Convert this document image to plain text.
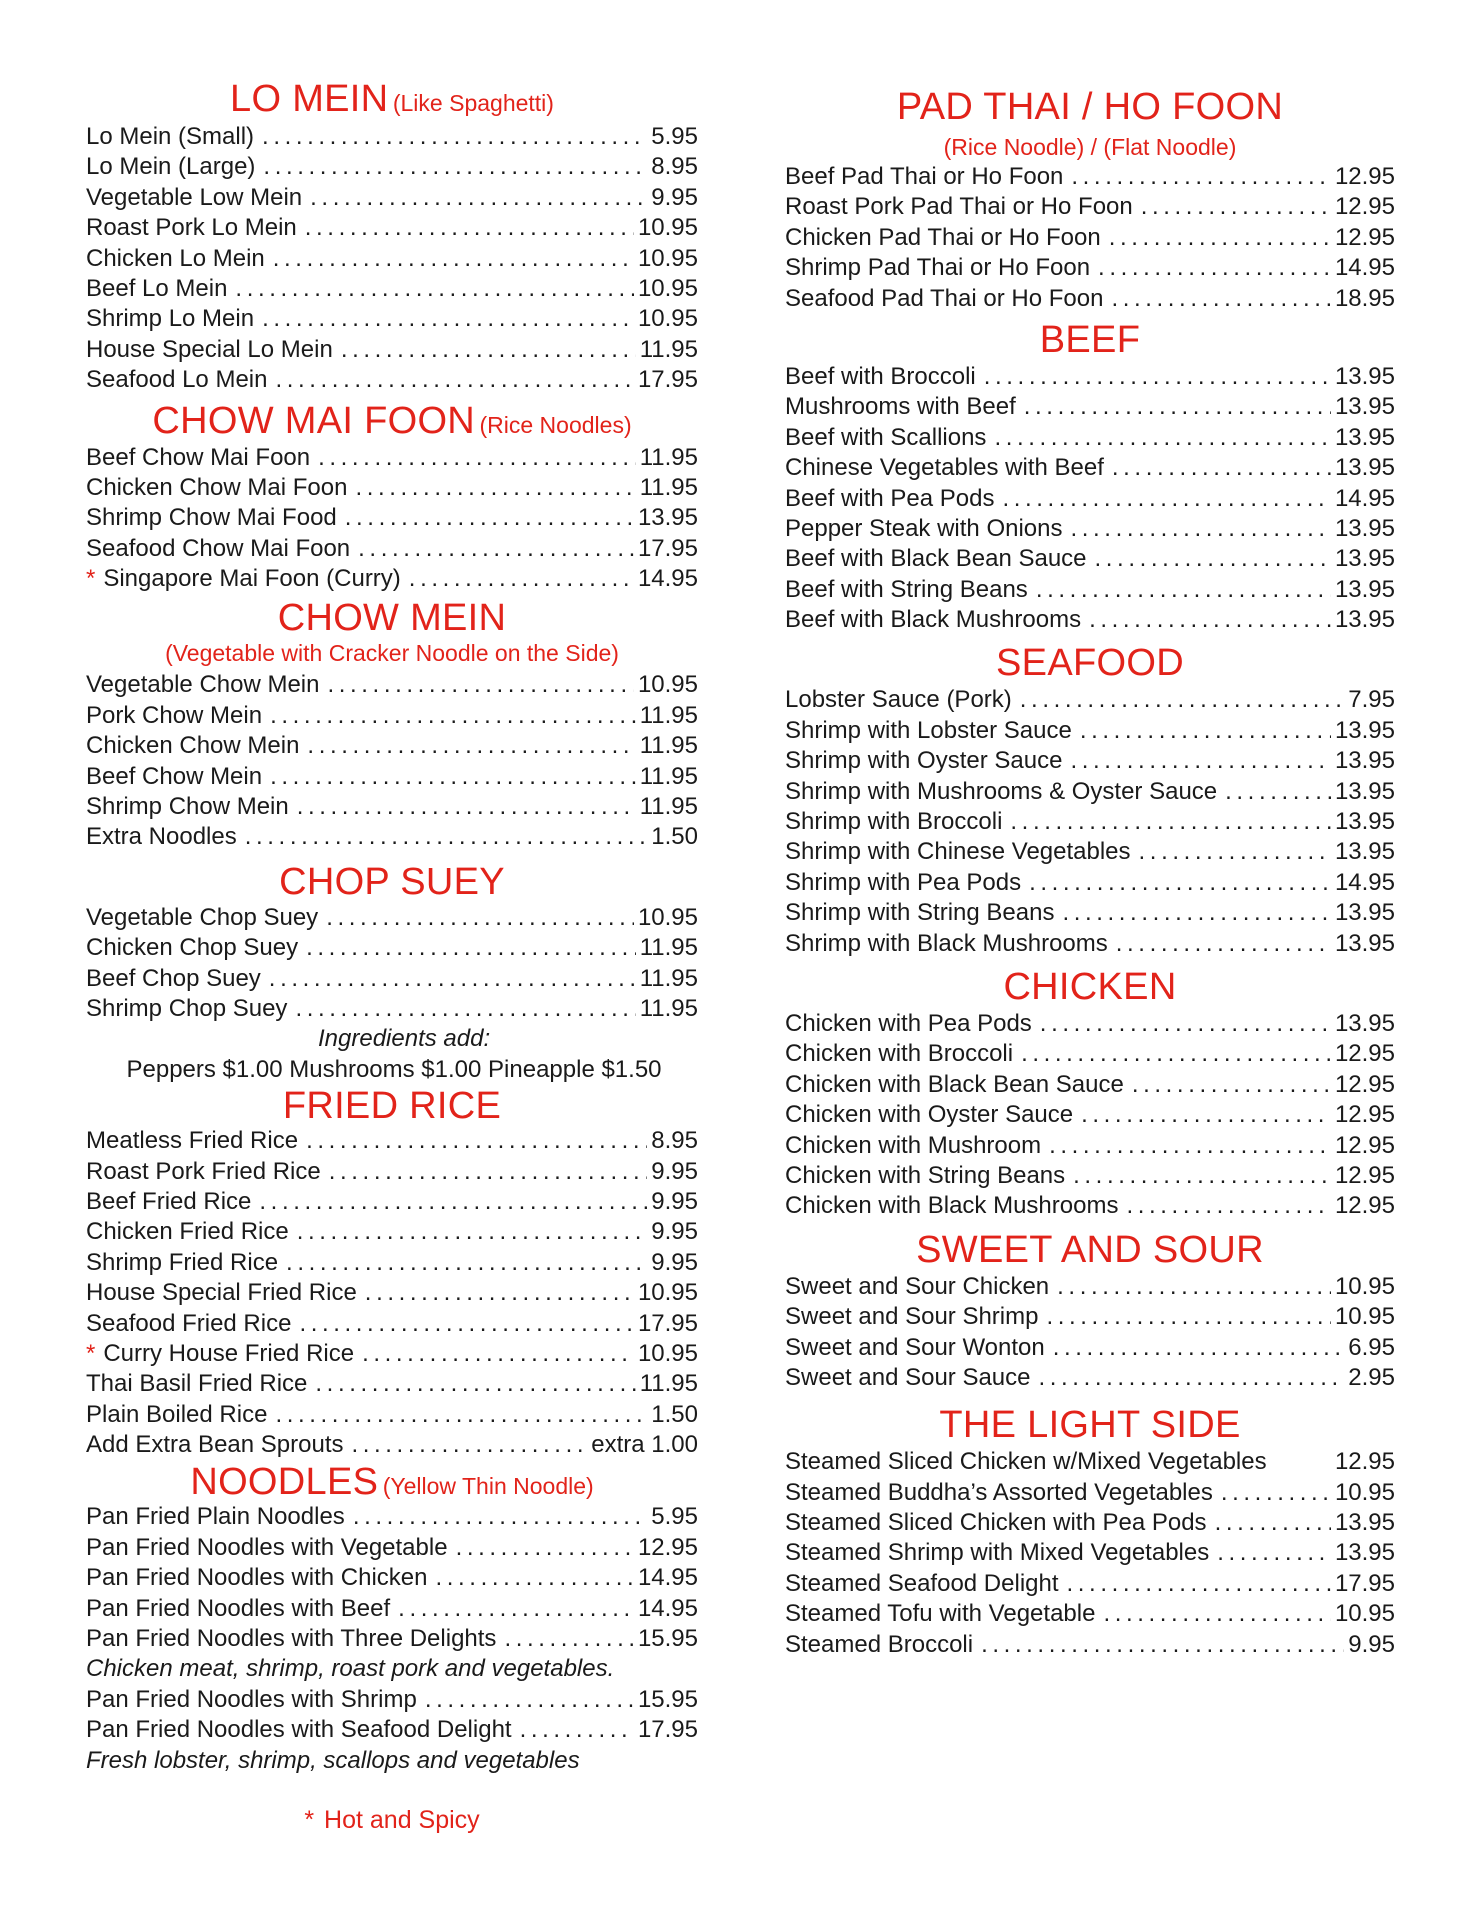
LO MEIN (Like Spaghetti)
Lo Mein (Small) .....	5.95
Lo Mein (Large) .....	8.95
Vegetable Low Mein .....	9.95
Roast Pork Lo Mein .....	10.95
Chicken Lo Mein .....	10.95
Beef Lo Mein .....	10.95
Shrimp Lo Mein .....	10.95
House Special Lo Mein .....	11.95
Seafood Lo Mein .....	17.95
CHOW MAI FOON (Rice Noodles)
Beef Chow Mai Foon .....	11.95
Chicken Chow Mai Foon .....	11.95
Shrimp Chow Mai Food .....	13.95
Seafood Chow Mai Foon .....	17.95
* Singapore Mai Foon (Curry) .....	14.95
CHOW MEIN
(Vegetable with Cracker Noodle on the Side)
Vegetable Chow Mein .....	10.95
Pork Chow Mein .....	11.95
Chicken Chow Mein .....	11.95
Beef Chow Mein .....	11.95
Shrimp Chow Mein .....	11.95
Extra Noodles .....	1.50
CHOP SUEY
Vegetable Chop Suey .....	10.95
Chicken Chop Suey .....	11.95
Beef Chop Suey .....	11.95
Shrimp Chop Suey .....	11.95
Ingredients add:
Peppers $1.00 Mushrooms $1.00 Pineapple $1.50
FRIED RICE
Meatless Fried Rice .....	8.95
Roast Pork Fried Rice .....	9.95
Beef Fried Rice .....	9.95
Chicken Fried Rice .....	9.95
Shrimp Fried Rice .....	9.95
House Special Fried Rice .....	10.95
Seafood Fried Rice .....	17.95
* Curry House Fried Rice .....	10.95
Thai Basil Fried Rice .....	11.95
Plain Boiled Rice .....	1.50
Add Extra Bean Sprouts .....	extra 1.00
NOODLES (Yellow Thin Noodle)
Pan Fried Plain Noodles .....	5.95
Pan Fried Noodles with Vegetable .....	12.95
Pan Fried Noodles with Chicken .....	14.95
Pan Fried Noodles with Beef .....	14.95
Pan Fried Noodles with Three Delights .....	15.95
Chicken meat, shrimp, roast pork and vegetables.
Pan Fried Noodles with Shrimp .....	15.95
Pan Fried Noodles with Seafood Delight .....	17.95
Fresh lobster, shrimp, scallops and vegetables
* Hot and Spicy
PAD THAI / HO FOON
(Rice Noodle) / (Flat Noodle)
Beef Pad Thai or Ho Foon .....	12.95
Roast Pork Pad Thai or Ho Foon .....	12.95
Chicken Pad Thai or Ho Foon .....	12.95
Shrimp Pad Thai or Ho Foon .....	14.95
Seafood Pad Thai or Ho Foon .....	18.95
BEEF
Beef with Broccoli .....	13.95
Mushrooms with Beef .....	13.95
Beef with Scallions .....	13.95
Chinese Vegetables with Beef .....	13.95
Beef with Pea Pods .....	14.95
Pepper Steak with Onions .....	13.95
Beef with Black Bean Sauce .....	13.95
Beef with String Beans .....	13.95
Beef with Black Mushrooms .....	13.95
SEAFOOD
Lobster Sauce (Pork) .....	7.95
Shrimp with Lobster Sauce .....	13.95
Shrimp with Oyster Sauce .....	13.95
Shrimp with Mushrooms & Oyster Sauce .....	13.95
Shrimp with Broccoli .....	13.95
Shrimp with Chinese Vegetables .....	13.95
Shrimp with Pea Pods .....	14.95
Shrimp with String Beans .....	13.95
Shrimp with Black Mushrooms .....	13.95
CHICKEN
Chicken with Pea Pods .....	13.95
Chicken with Broccoli .....	12.95
Chicken with Black Bean Sauce .....	12.95
Chicken with Oyster Sauce .....	12.95
Chicken with Mushroom .....	12.95
Chicken with String Beans .....	12.95
Chicken with Black Mushrooms .....	12.95
SWEET AND SOUR
Sweet and Sour Chicken .....	10.95
Sweet and Sour Shrimp .....	10.95
Sweet and Sour Wonton .....	6.95
Sweet and Sour Sauce .....	2.95
THE LIGHT SIDE
Steamed Sliced Chicken w/Mixed Vegetables	12.95
Steamed Buddha’s Assorted Vegetables .....	10.95
Steamed Sliced Chicken with Pea Pods .....	13.95
Steamed Shrimp with Mixed Vegetables .....	13.95
Steamed Seafood Delight .....	17.95
Steamed Tofu with Vegetable .....	10.95
Steamed Broccoli .....	9.95
